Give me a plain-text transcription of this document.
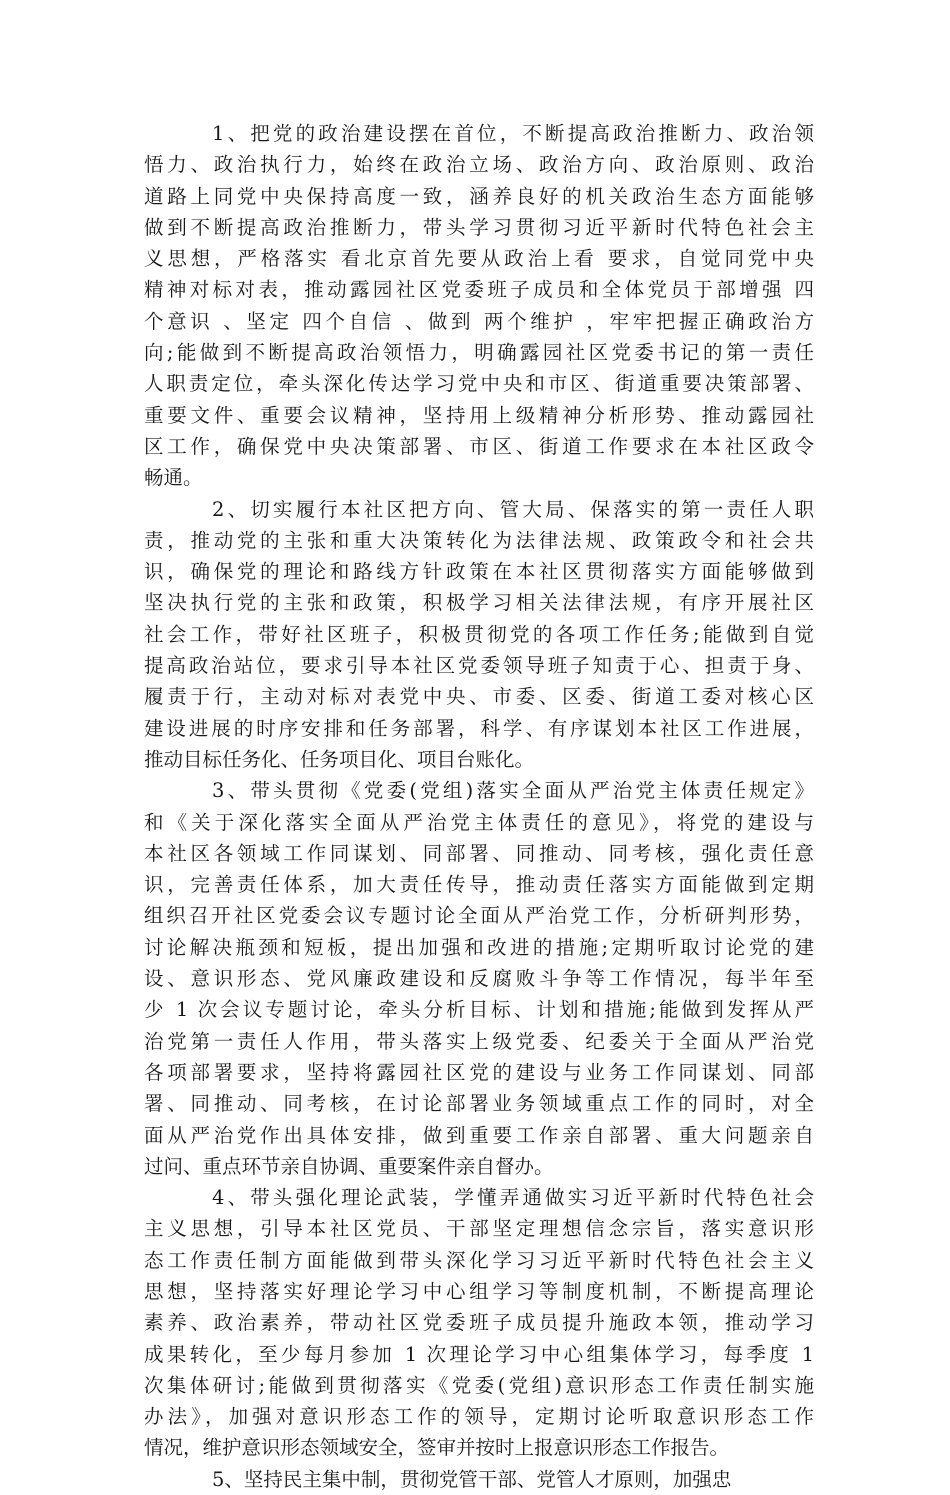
1、把党的政治建设摆在首位，不断提高政治推断力、政治领
悟力、政治执行力，始终在政治立场、政治方向、政治原则、政治
道路上同党中央保持高度一致，涵养良好的机关政治生态方面能够
做到不断提高政治推断力，带头学习贯彻习近平新时代特色社会主
义思想，严格落实 看北京首先要从政治上看 要求，自觉同党中央
精神对标对表，推动露园社区党委班子成员和全体党员于部增强 四
个意识 、坚定 四个自信 、做到 两个维护 ，牢牢把握正确政治方
向;能做到不断提高政治领悟力，明确露园社区党委书记的第一责任
人职责定位，牵头深化传达学习党中央和市区、街道重要决策部署、
重要文件、重要会议精神，坚持用上级精神分析形势、推动露园社
区工作，确保党中央决策部署、市区、街道工作要求在本社区政令
畅通。
2、切实履行本社区把方向、管大局、保落实的第一责任人职
责，推动党的主张和重大决策转化为法律法规、政策政令和社会共
识，确保党的理论和路线方针政策在本社区贯彻落实方面能够做到
坚决执行党的主张和政策，积极学习相关法律法规，有序开展社区
社会工作，带好社区班子，积极贯彻党的各项工作任务;能做到自觉
提高政治站位，要求引导本社区党委领导班子知责于心、担责于身、
履责于行，主动对标对表党中央、市委、区委、街道工委对核心区
建设进展的时序安排和任务部署，科学、有序谋划本社区工作进展，
推动目标任务化、任务项目化、项目台账化。
3、带头贯彻《党委(党组)落实全面从严治党主体责任规定》
和《关于深化落实全面从严治党主体责任的意见》，将党的建设与
本社区各领域工作同谋划、同部署、同推动、同考核，强化责任意
识，完善责任体系，加大责任传导，推动责任落实方面能做到定期
组织召开社区党委会议专题讨论全面从严治党工作，分析研判形势，
讨论解决瓶颈和短板，提出加强和改进的措施;定期听取讨论党的建
设、意识形态、党风廉政建设和反腐败斗争等工作情况，每半年至
少 1 次会议专题讨论，牵头分析目标、计划和措施;能做到发挥从严
治党第一责任人作用，带头落实上级党委、纪委关于全面从严治党
各项部署要求，坚持将露园社区党的建设与业务工作同谋划、同部
署、同推动、同考核，在讨论部署业务领域重点工作的同时，对全
面从严治党作出具体安排，做到重要工作亲自部署、重大问题亲自
过问、重点环节亲自协调、重要案件亲自督办。
4、带头强化理论武装，学懂弄通做实习近平新时代特色社会
主义思想，引导本社区党员、干部坚定理想信念宗旨，落实意识形
态工作责任制方面能做到带头深化学习习近平新时代特色社会主义
思想，坚持落实好理论学习中心组学习等制度机制，不断提高理论
素养、政治素养，带动社区党委班子成员提升施政本领，推动学习
成果转化，至少每月参加 1 次理论学习中心组集体学习，每季度 1
次集体研讨;能做到贯彻落实《党委(党组)意识形态工作责任制实施
办法》，加强对意识形态工作的领导，定期讨论听取意识形态工作
情况，维护意识形态领域安全，签审并按时上报意识形态工作报告。
5、坚持民主集中制，贯彻党管干部、党管人才原则，加强忠
